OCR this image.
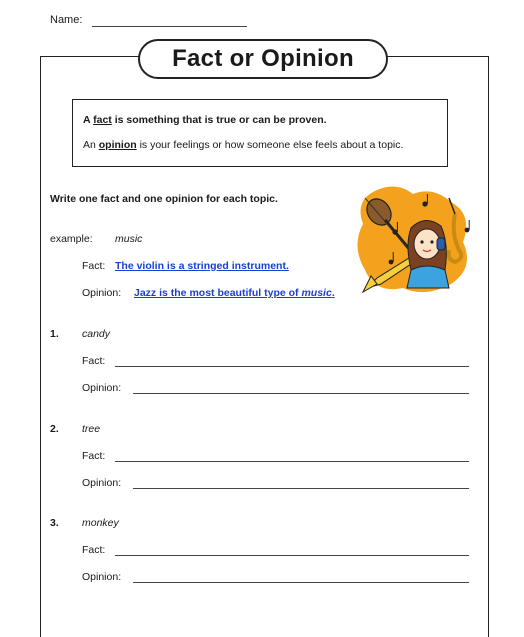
Name:
Fact or Opinion
A fact is something that is true or can be proven.
An opinion is your feelings or how someone else feels about a topic.
Write one fact and one opinion for each topic.
example: music
Fact: The violin is a stringed instrument.
Opinion: Jazz is the most beautiful type of music.
1. candy
Fact:
Opinion:
2. tree
Fact:
Opinion:
3. monkey
Fact:
Opinion:
